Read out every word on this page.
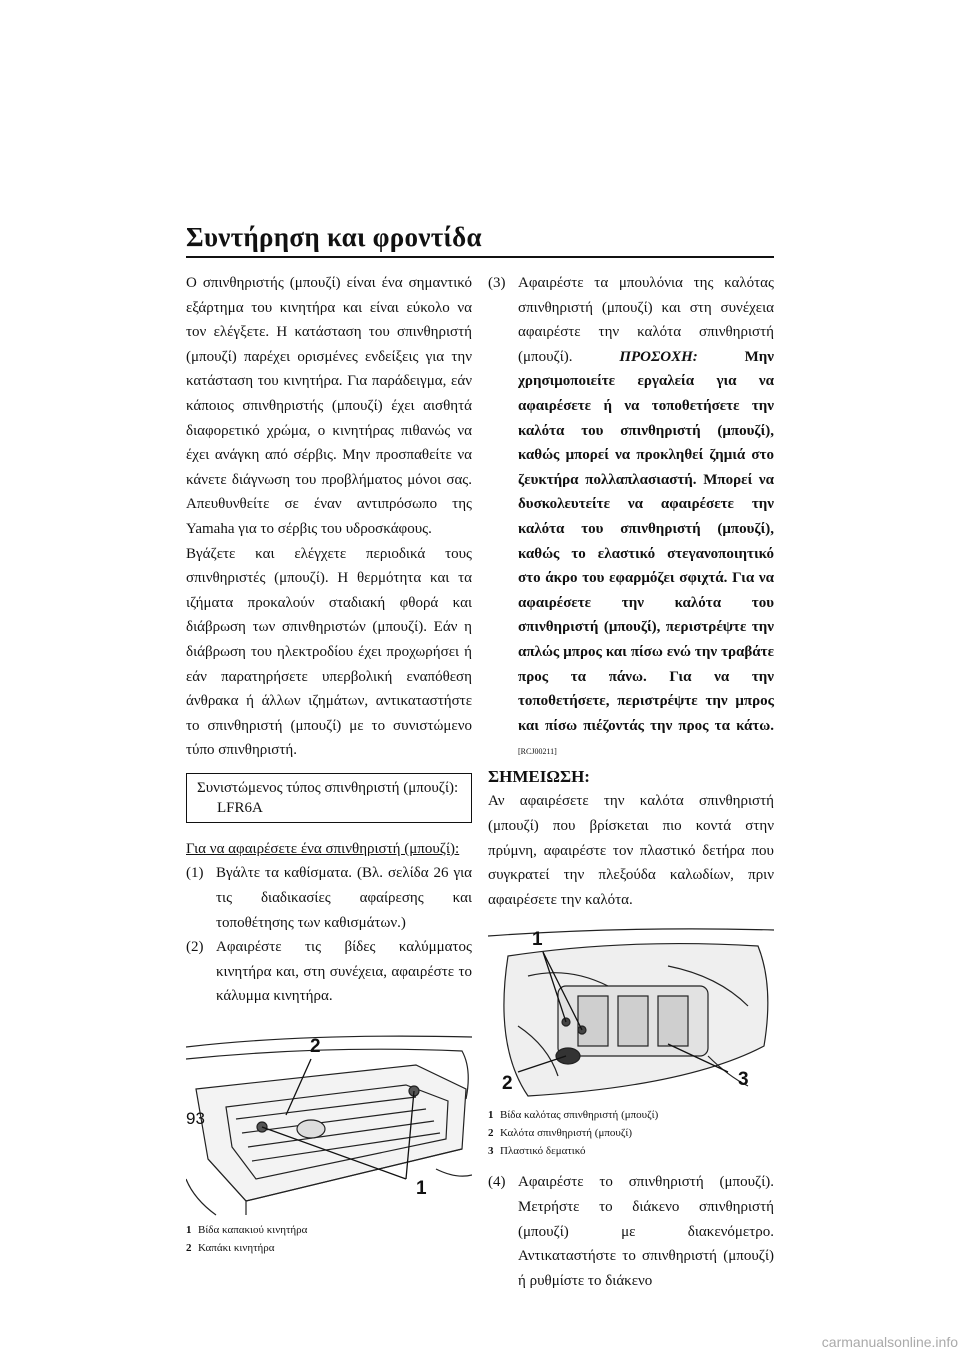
Συντήρηση και φροντίδα

Ο σπινθηριστής (μπουζί) είναι ένα σημαντικό εξάρτημα του κινητήρα και είναι εύκολο να τον ελέγξετε. Η κατάσταση του σπινθηριστή (μπουζί) παρέχει ορισμένες ενδείξεις για την κατάσταση του κινητήρα. Για παράδειγμα, εάν κάποιος σπινθηριστής (μπουζί) έχει αισθητά διαφορετικό χρώμα, ο κινητήρας πιθανώς να έχει ανάγκη από σέρβις. Μην προσπαθείτε να κάνετε διάγνωση του προβλήματος μόνοι σας. Απευθυνθείτε σε έναν αντιπρόσωπο της Yamaha για το σέρβις του υδροσκάφους.

Βγάζετε και ελέγχετε περιοδικά τους σπινθηριστές (μπουζί). Η θερμότητα και τα ιζήματα προκαλούν σταδιακή φθορά και διάβρωση των σπινθηριστών (μπουζί). Εάν η διάβρωση του ηλεκτροδίου έχει προχωρήσει ή εάν παρατηρήσετε υπερβολική εναπόθεση άνθρακα ή άλλων ιζημάτων, αντικαταστήστε το σπινθηριστή (μπουζί) με το συνιστώμενο τύπο σπινθηριστή.

Συνιστώμενος τύπος σπινθηριστή (μπουζί):
LFR6A

Για να αφαιρέσετε ένα σπινθηριστή (μπουζί):

(1) Βγάλτε τα καθίσματα. (Βλ. σελίδα 26 για τις διαδικασίες αφαίρεσης και τοποθέτησης των καθισμάτων.)

(2) Αφαιρέστε τις βίδες καλύμματος κινητήρα και, στη συνέχεια, αφαιρέστε το κάλυμμα κινητήρα.

2
1
1 Βίδα καπακιού κινητήρα
2 Καπάκι κινητήρα

(3) Αφαιρέστε τα μπουλόνια της καλότας σπινθηριστή (μπουζί) και στη συνέχεια αφαιρέστε την καλότα σπινθηριστή (μπουζί).	ΠΡΟΣΟΧΗ:	Μην χρησιμοποιείτε εργαλεία για να αφαιρέσετε ή να τοποθετήσετε την καλότα του σπινθηριστή (μπουζί), καθώς μπορεί να προκληθεί ζημιά στο ζευκτήρα πολλαπλασιαστή. Μπορεί να δυσκολευτείτε να αφαιρέσετε την καλότα του σπινθηριστή (μπουζί), καθώς το ελαστικό στεγανοποιητικό στο άκρο του εφαρμόζει σφιχτά. Για να αφαιρέσετε την καλότα του σπινθηριστή (μπουζί), περιστρέψτε την απλώς μπρος και πίσω ενώ την τραβάτε προς τα πάνω. Για να την τοποθετήσετε, περιστρέψτε την μπρος και πίσω πιέζοντάς την προς τα κάτω. [RCJ00211]

ΣΗΜΕΙΩΣΗ:

Αν αφαιρέσετε την καλότα σπινθηριστή (μπουζί) που βρίσκεται πιο κοντά στην πρύμνη, αφαιρέστε τον πλαστικό δετήρα που συγκρατεί την πλεξούδα καλωδίων, πριν αφαιρέσετε την καλότα.

1
2	3
1 Βίδα καλότας σπινθηριστή (μπουζί)
2 Καλότα σπινθηριστή (μπουζί)
3 Πλαστικό δεματικό

(4) Αφαιρέστε το σπινθηριστή (μπουζί). Μετρήστε το διάκενο σπινθηριστή (μπουζί) με διακενόμετρο. Αντικαταστήστε το σπινθηριστή (μπουζί) ή ρυθμίστε το διάκενο

93
carmanualsonline.info
